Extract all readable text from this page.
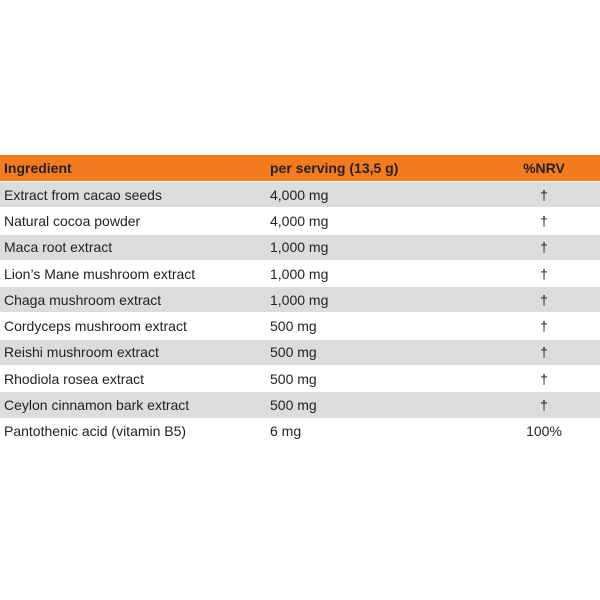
Ingredient	per serving (13,5 g)	%NRV
Extract from cacao seeds	4,000 mg	†
Natural cocoa powder	4,000 mg	†
Maca root extract	1,000 mg	†
Lion’s Mane mushroom extract	1,000 mg	†
Chaga mushroom extract	1,000 mg	†
Cordyceps mushroom extract	500 mg	†
Reishi mushroom extract	500 mg	†
Rhodiola rosea extract	500 mg	†
Ceylon cinnamon bark extract	500 mg	†
Pantothenic acid (vitamin B5)	6 mg	100%
